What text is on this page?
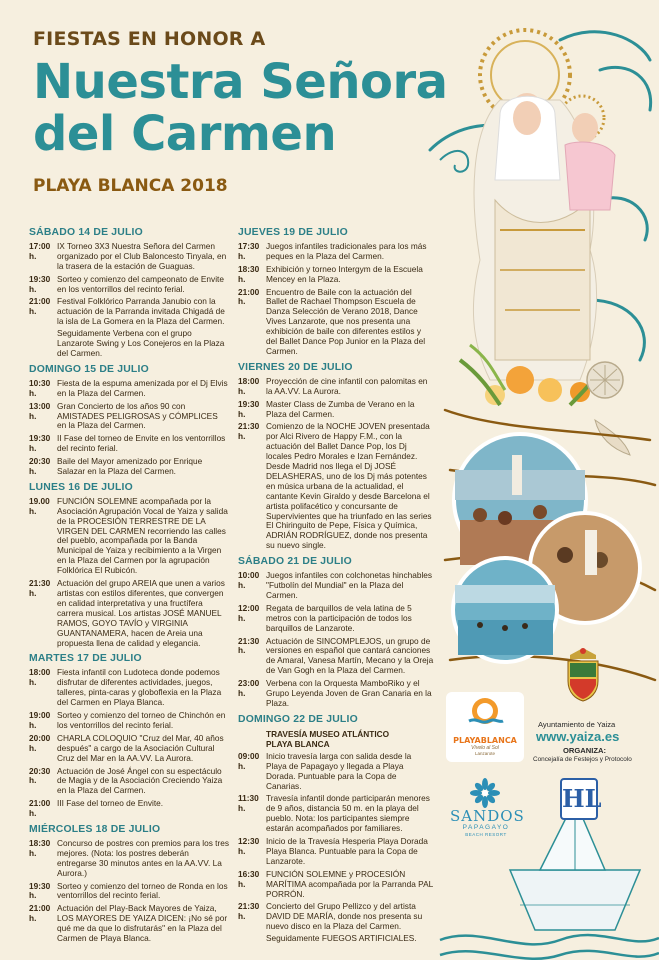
FIESTAS EN HONOR A
Nuestra Señora
del Carmen
PLAYA BLANCA 2018
SÁBADO 14 DE JULIO
17:00 h.
IX Torneo 3X3 Nuestra Señora del Carmen organizado por el Club Baloncesto Tinyala, en la trasera de la estación de Guaguas.
19:30 h.
Sorteo y comienzo del campeonato de Envite en los ventorrillos del recinto ferial.
21:00 h.
Festival Folklórico Parranda Janubio con la actuación de la Parranda invitada Chigadá de la isla de La Gomera en la Plaza del Carmen.
Seguidamente Verbena con el grupo Lanzarote Swing y Los Conejeros en la Plaza del Carmen.
DOMINGO 15 DE JULIO
10:30 h.
Fiesta de la espuma amenizada por el Dj Elvis en la Plaza del Carmen.
13:00 h.
Gran Concierto de los años 90 con AMISTADES PELIGROSAS y CÓMPLICES en la Plaza del Carmen.
19:30 h.
II Fase del torneo de Envite en los ventorrillos del recinto ferial.
20:30 h.
Baile del Mayor amenizado por Enrique Salazar en la Plaza del Carmen.
LUNES 16 DE JULIO
19.00 h.
FUNCIÓN SOLEMNE acompañada por la Asociación Agrupación Vocal de Yaiza y salida de la PROCESIÓN TERRESTRE DE LA VIRGEN DEL CARMEN recorriendo las calles del pueblo, acompañada por la Banda Municipal de Yaiza y recibimiento a la Virgen en la Plaza del Carmen por la agrupación Folklórica El Rubicón.
21:30 h.
Actuación del grupo AREIA que unen a varios artistas con estilos diferentes, que convergen en calidad interpretativa y una fructífera carrera musical. Los artistas JOSÉ MANUEL RAMOS, GOYO TAVÍO y VIRGINIA GUANTANAMERA, hacen de Areia una propuesta llena de calidad y elegancia.
MARTES 17 DE JULIO
18:00 h.
Fiesta infantil con Ludoteca donde podemos disfrutar de diferentes actividades, juegos, talleres, pinta-caras y globoflexia en la Plaza del Carmen en Playa Blanca.
19:00 h.
Sorteo y comienzo del torneo de Chinchón en los ventorrillos del recinto ferial.
20:00 h.
CHARLA COLOQUIO "Cruz del Mar, 40 años después" a cargo de la Asociación Cultural Cruz del Mar en la AA.VV. La Aurora.
20:30 h.
Actuación de José Ángel con su espectáculo de Magia y de la Asociación Creciendo Yaiza en la Plaza del Carmen.
21:00 h.
III Fase del torneo de Envite.
MIÉRCOLES 18 DE JULIO
18:30 h.
Concurso de postres con premios para los tres mejores. (Nota: los postres deberán entregarse 30 minutos antes en la AA.VV. La Aurora.)
19:30 h.
Sorteo y comienzo del torneo de Ronda en los ventorrillos del recinto ferial.
21:00 h.
Actuación del Play-Back Mayores de Yaiza, LOS MAYORES DE YAIZA DICEN: ¡No sé por qué me da que lo disfrutarás" en la Plaza del Carmen de Playa Blanca.
JUEVES 19 DE JULIO
17:30 h.
Juegos infantiles tradicionales para los más peques en la Plaza del Carmen.
18:30 h.
Exhibición y torneo Intergym de la Escuela Mencey en la Plaza.
21:00 h.
Encuentro de Baile con la actuación del Ballet de Rachael Thompson Escuela de Danza Selección de Verano 2018, Dance Vives Lanzarote, que nos presenta una exhibición de baile con diferentes estilos y del Ballet Dance Pop Junior en la Plaza del Carmen.
VIERNES 20 DE JULIO
18:00 h.
Proyección de cine infantil con palomitas en la AA.VV. La Aurora.
19:30 h.
Master Class de Zumba de Verano en la Plaza del Carmen.
21:30 h.
Comienzo de la NOCHE JOVEN presentada por Alci Rivero de Happy F.M., con la actuación del Ballet Dance Pop, los Dj locales Pedro Morales e Izan Fernández. Desde Madrid nos llega el Dj JOSÉ DELASHERAS, uno de los Dj más potentes en música urbana de la actualidad, el cantante Kevin Giraldo y desde Barcelona el artista polifacético y concursante de Supervivientes que ha triunfado en las series El Chiringuito de Pepe, Física y Química, ADRIÁN RODRÍGUEZ, donde nos presenta su nuevo single.
SÁBADO 21 DE JULIO
10:00 h.
Juegos infantiles con colchonetas hinchables "Futbolín del Mundial" en la Plaza del Carmen.
12:00 h.
Regata de barquillos de vela latina de 5 metros con la participación de todos los barquillos de Lanzarote.
21:30 h.
Actuación de SINCOMPLEJOS, un grupo de versiones en español que cantará canciones de Amaral, Vanesa Martín, Mecano y la Oreja de Van Gogh en la Plaza del Carmen.
23:00 h.
Verbena con la Orquesta MamboRiko y el Grupo Leyenda Joven de Gran Canaria en la Plaza.
DOMINGO 22 DE JULIO
TRAVESÍA MUSEO ATLÁNTICO
PLAYA BLANCA
09:00 h.
Inicio travesía larga con salida desde la Playa de Papagayo y llegada a Playa Dorada. Puntuable para la Copa de Canarias.
11:30 h.
Travesía infantil donde participarán menores de 9 años, distancia 50 m. en la playa del pueblo. Nota: los participantes siempre estarán acompañados por familiares.
12:30 h.
Inicio de la Travesía Hesperia Playa Dorada Playa Blanca. Puntuable para la Copa de Lanzarote.
16:30 h.
FUNCIÓN SOLEMNE y PROCESIÓN MARÍTIMA acompañada por la Parranda PAL PORRÓN.
21:30 h.
Concierto del Grupo Pellizco y del artista DAVID DE MARÍA, donde nos presenta su nuevo disco en la Plaza del Carmen.
Seguidamente FUEGOS ARTIFICIALES.
PLAYABLANCA
Vívelo al Sol
Lanzarote
Ayuntamiento de Yaiza
www.yaiza.es
ORGANIZA:
Concejalía de Festejos y Protocolo
SANDOS
PAPAGAYO
BEACH RESORT
HL
